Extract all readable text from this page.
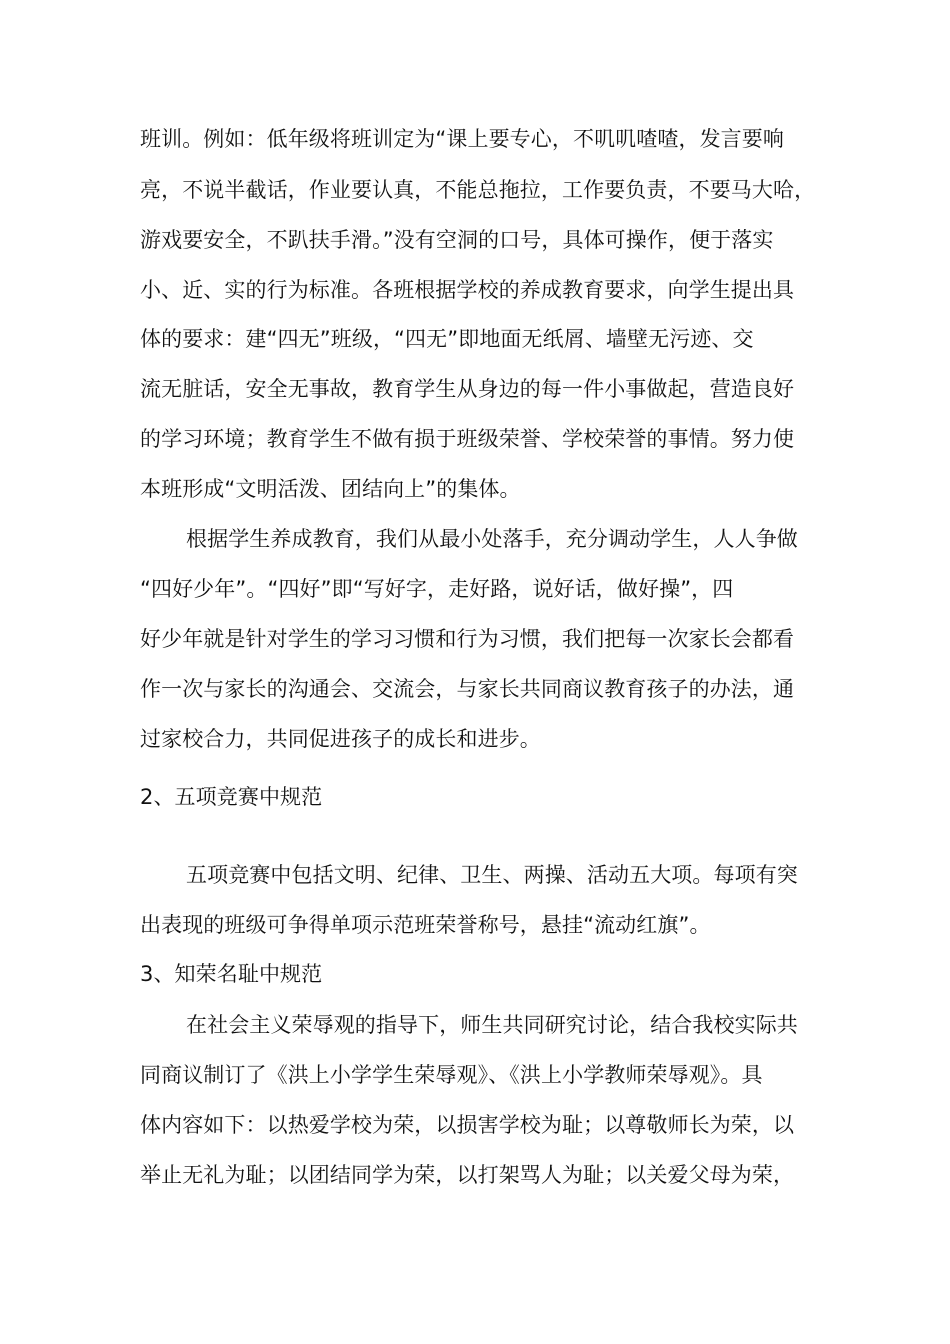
班训。例如：低年级将班训定为“课上要专心，不叽叽喳喳，发言要响
亮，不说半截话，作业要认真，不能总拖拉，工作要负责，不要马大哈，
游戏要安全，不趴扶手滑。”没有空洞的口号，具体可操作，便于落实
小、近、实的行为标准。各班根据学校的养成教育要求，向学生提出具
体的要求：建“四无”班级，“四无”即地面无纸屑、墙壁无污迹、交
流无脏话，安全无事故，教育学生从身边的每一件小事做起，营造良好
的学习环境；教育学生不做有损于班级荣誉、学校荣誉的事情。努力使
本班形成“文明活泼、团结向上”的集体。
根据学生养成教育，我们从最小处落手，充分调动学生，人人争做
“四好少年”。“四好”即“写好字，走好路，说好话，做好操”，四
好少年就是针对学生的学习习惯和行为习惯，我们把每一次家长会都看
作一次与家长的沟通会、交流会，与家长共同商议教育孩子的办法，通
过家校合力，共同促进孩子的成长和进步。
2、五项竞赛中规范
五项竞赛中包括文明、纪律、卫生、两操、活动五大项。每项有突
出表现的班级可争得单项示范班荣誉称号，悬挂“流动红旗”。
3、知荣名耻中规范
在社会主义荣辱观的指导下，师生共同研究讨论，结合我校实际共
同商议制订了《洪上小学学生荣辱观》、《洪上小学教师荣辱观》。具
体内容如下：以热爱学校为荣，以损害学校为耻；以尊敬师长为荣，以
举止无礼为耻；以团结同学为荣，以打架骂人为耻；以关爱父母为荣，
